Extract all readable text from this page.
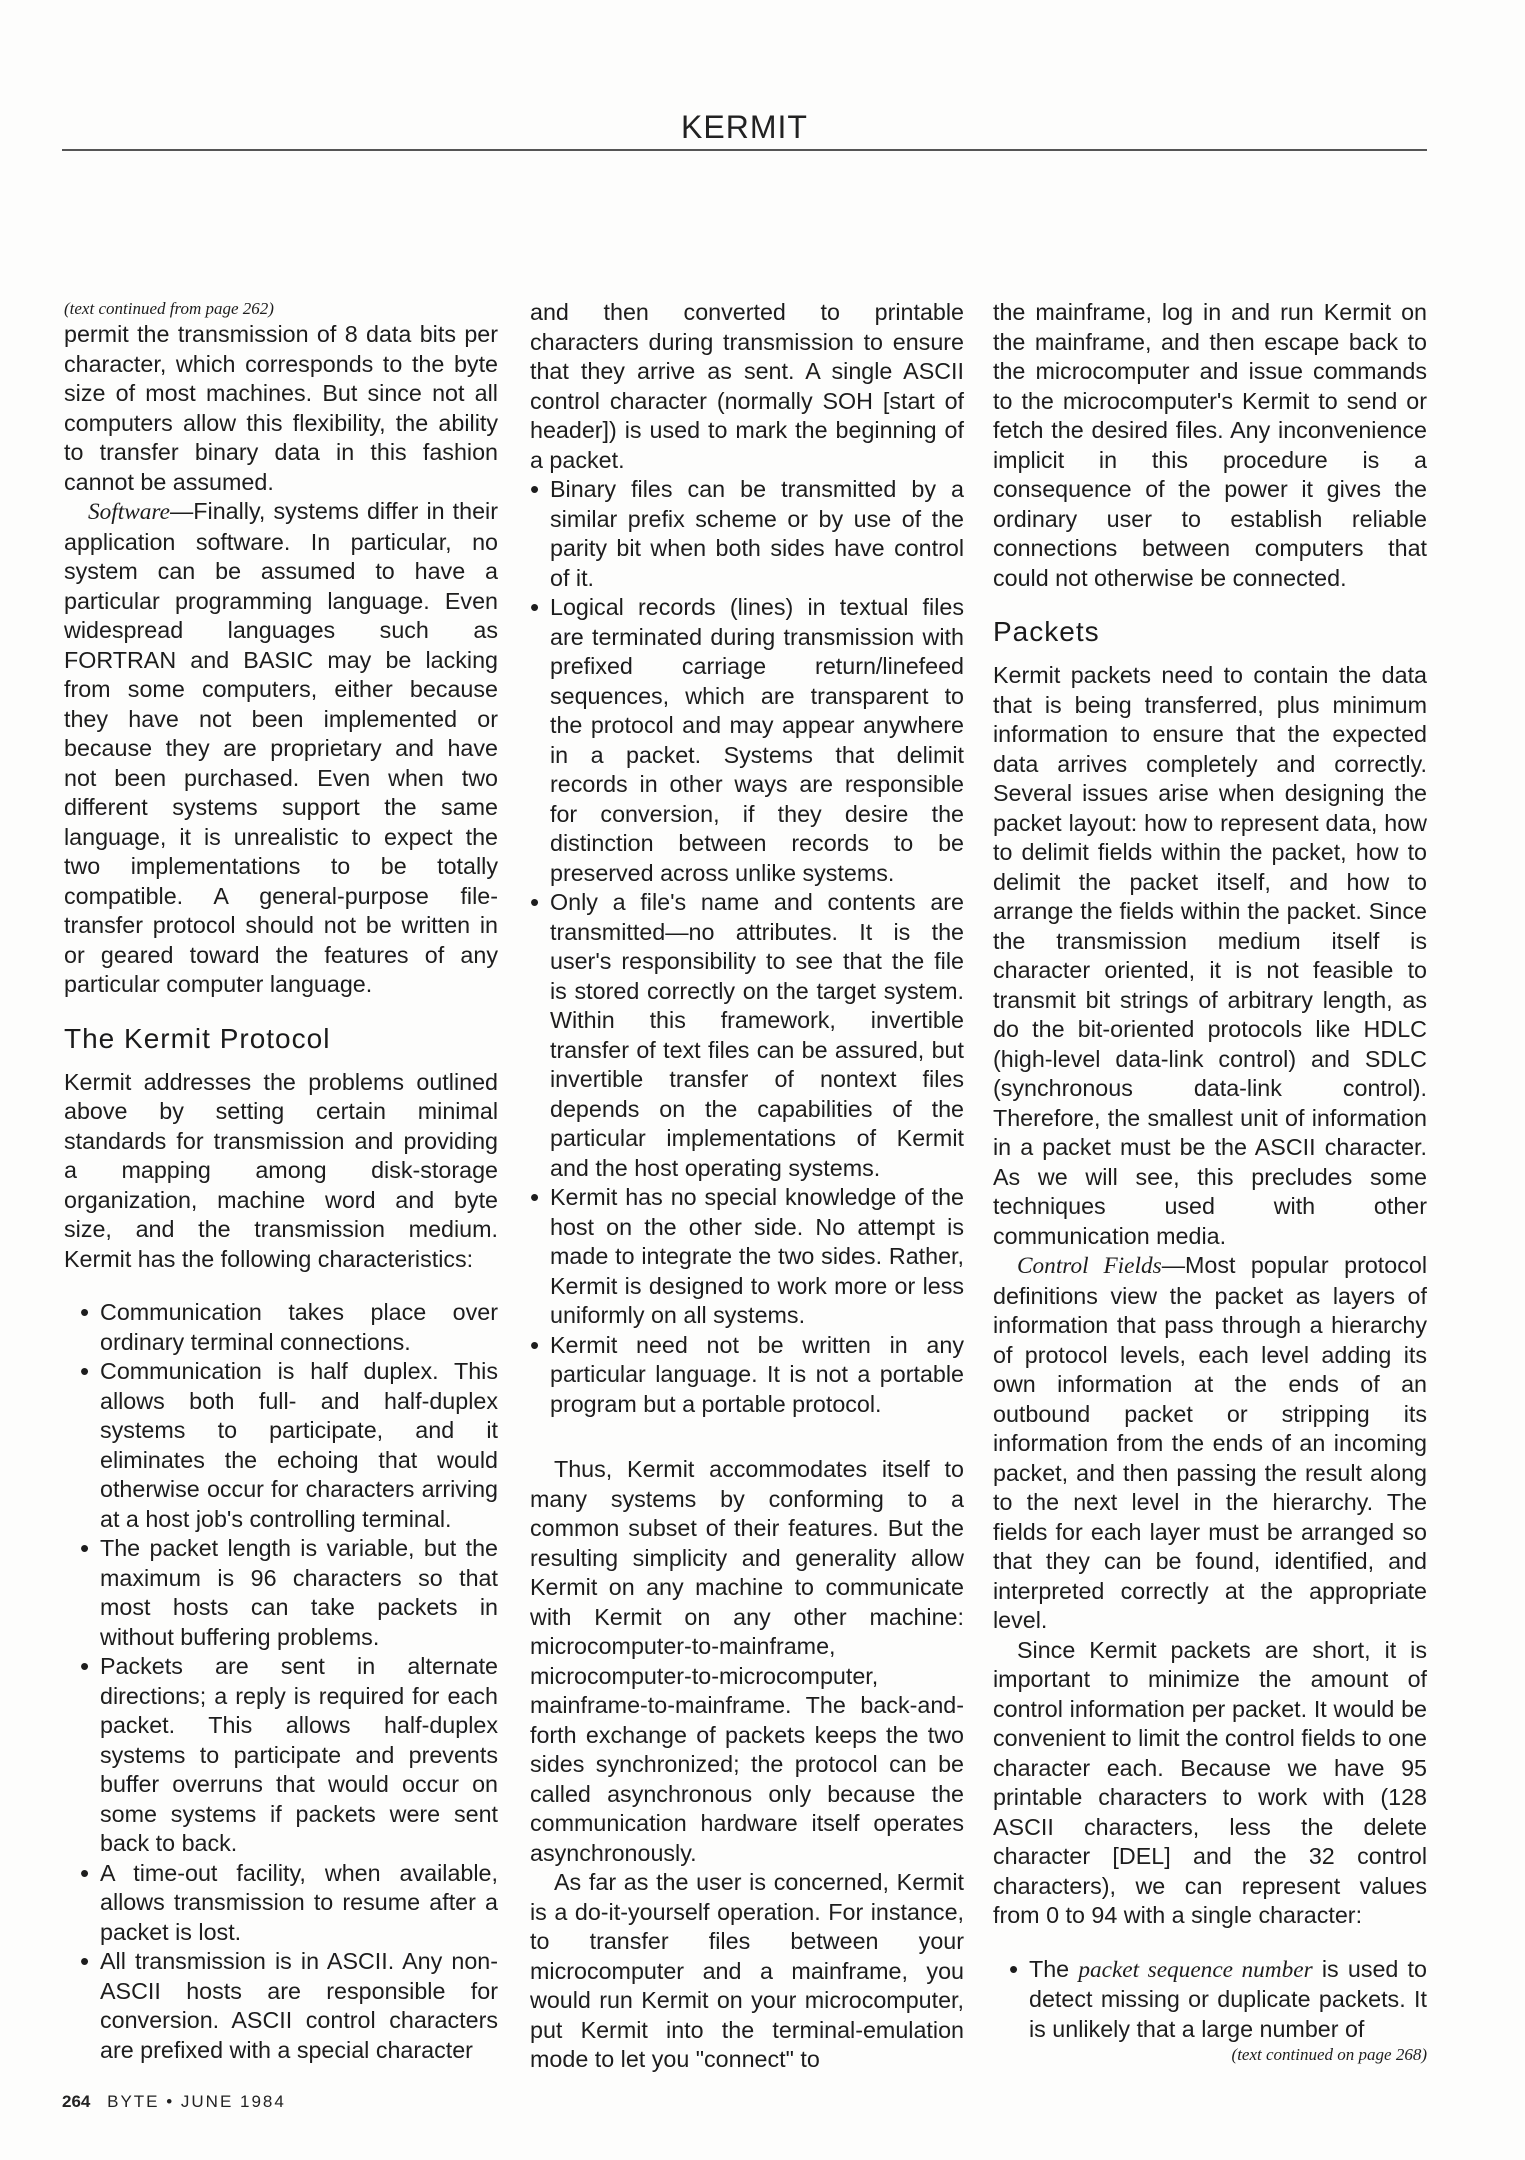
KERMIT

(text continued from page 262)

permit the transmission of 8 data bits per character, which corresponds to the byte size of most machines. But since not all computers allow this flexibility, the ability to transfer binary data in this fashion cannot be assumed.

Software—Finally, systems differ in their application software. In particular, no system can be assumed to have a particular programming language. Even widespread languages such as FORTRAN and BASIC may be lacking from some computers, either because they have not been implemented or because they are proprietary and have not been purchased. Even when two different systems support the same language, it is unrealistic to expect the two implementations to be totally compatible. A general-purpose file-transfer protocol should not be written in or geared toward the features of any particular computer language.

The Kermit Protocol

Kermit addresses the problems outlined above by setting certain minimal standards for transmission and providing a mapping among disk-storage organization, machine word and byte size, and the transmission medium. Kermit has the following characteristics:

• Communication takes place over ordinary terminal connections.
• Communication is half duplex. This allows both full- and half-duplex systems to participate, and it eliminates the echoing that would otherwise occur for characters arriving at a host job's controlling terminal.
• The packet length is variable, but the maximum is 96 characters so that most hosts can take packets in without buffering problems.
• Packets are sent in alternate directions; a reply is required for each packet. This allows half-duplex systems to participate and prevents buffer overruns that would occur on some systems if packets were sent back to back.
• A time-out facility, when available, allows transmission to resume after a packet is lost.
• All transmission is in ASCII. Any non-ASCII hosts are responsible for conversion. ASCII control characters are prefixed with a special character

and then converted to printable characters during transmission to ensure that they arrive as sent. A single ASCII control character (normally SOH [start of header]) is used to mark the beginning of a packet.

• Binary files can be transmitted by a similar prefix scheme or by use of the parity bit when both sides have control of it.
• Logical records (lines) in textual files are terminated during transmission with prefixed carriage return/linefeed sequences, which are transparent to the protocol and may appear anywhere in a packet. Systems that delimit records in other ways are responsible for conversion, if they desire the distinction between records to be preserved across unlike systems.
• Only a file's name and contents are transmitted—no attributes. It is the user's responsibility to see that the file is stored correctly on the target system. Within this framework, invertible transfer of text files can be assured, but invertible transfer of nontext files depends on the capabilities of the particular implementations of Kermit and the host operating systems.
• Kermit has no special knowledge of the host on the other side. No attempt is made to integrate the two sides. Rather, Kermit is designed to work more or less uniformly on all systems.
• Kermit need not be written in any particular language. It is not a portable program but a portable protocol.

Thus, Kermit accommodates itself to many systems by conforming to a common subset of their features. But the resulting simplicity and generality allow Kermit on any machine to communicate with Kermit on any other machine: microcomputer-to-mainframe, microcomputer-to-microcomputer, mainframe-to-mainframe. The back-and-forth exchange of packets keeps the two sides synchronized; the protocol can be called asynchronous only because the communication hardware itself operates asynchronously.

As far as the user is concerned, Kermit is a do-it-yourself operation. For instance, to transfer files between your microcomputer and a mainframe, you would run Kermit on your microcomputer, put Kermit into the terminal-emulation mode to let you "connect" to

the mainframe, log in and run Kermit on the mainframe, and then escape back to the microcomputer and issue commands to the microcomputer's Kermit to send or fetch the desired files. Any inconvenience implicit in this procedure is a consequence of the power it gives the ordinary user to establish reliable connections between computers that could not otherwise be connected.

Packets

Kermit packets need to contain the data that is being transferred, plus minimum information to ensure that the expected data arrives completely and correctly. Several issues arise when designing the packet layout: how to represent data, how to delimit fields within the packet, how to delimit the packet itself, and how to arrange the fields within the packet. Since the transmission medium itself is character oriented, it is not feasible to transmit bit strings of arbitrary length, as do the bit-oriented protocols like HDLC (high-level data-link control) and SDLC (synchronous data-link control). Therefore, the smallest unit of information in a packet must be the ASCII character. As we will see, this precludes some techniques used with other communication media.

Control Fields—Most popular protocol definitions view the packet as layers of information that pass through a hierarchy of protocol levels, each level adding its own information at the ends of an outbound packet or stripping its information from the ends of an incoming packet, and then passing the result along to the next level in the hierarchy. The fields for each layer must be arranged so that they can be found, identified, and interpreted correctly at the appropriate level.

Since Kermit packets are short, it is important to minimize the amount of control information per packet. It would be convenient to limit the control fields to one character each. Because we have 95 printable characters to work with (128 ASCII characters, less the delete character [DEL] and the 32 control characters), we can represent values from 0 to 94 with a single character:

• The packet sequence number is used to detect missing or duplicate packets. It is unlikely that a large number of

(text continued on page 268)

264 BYTE • JUNE 1984
